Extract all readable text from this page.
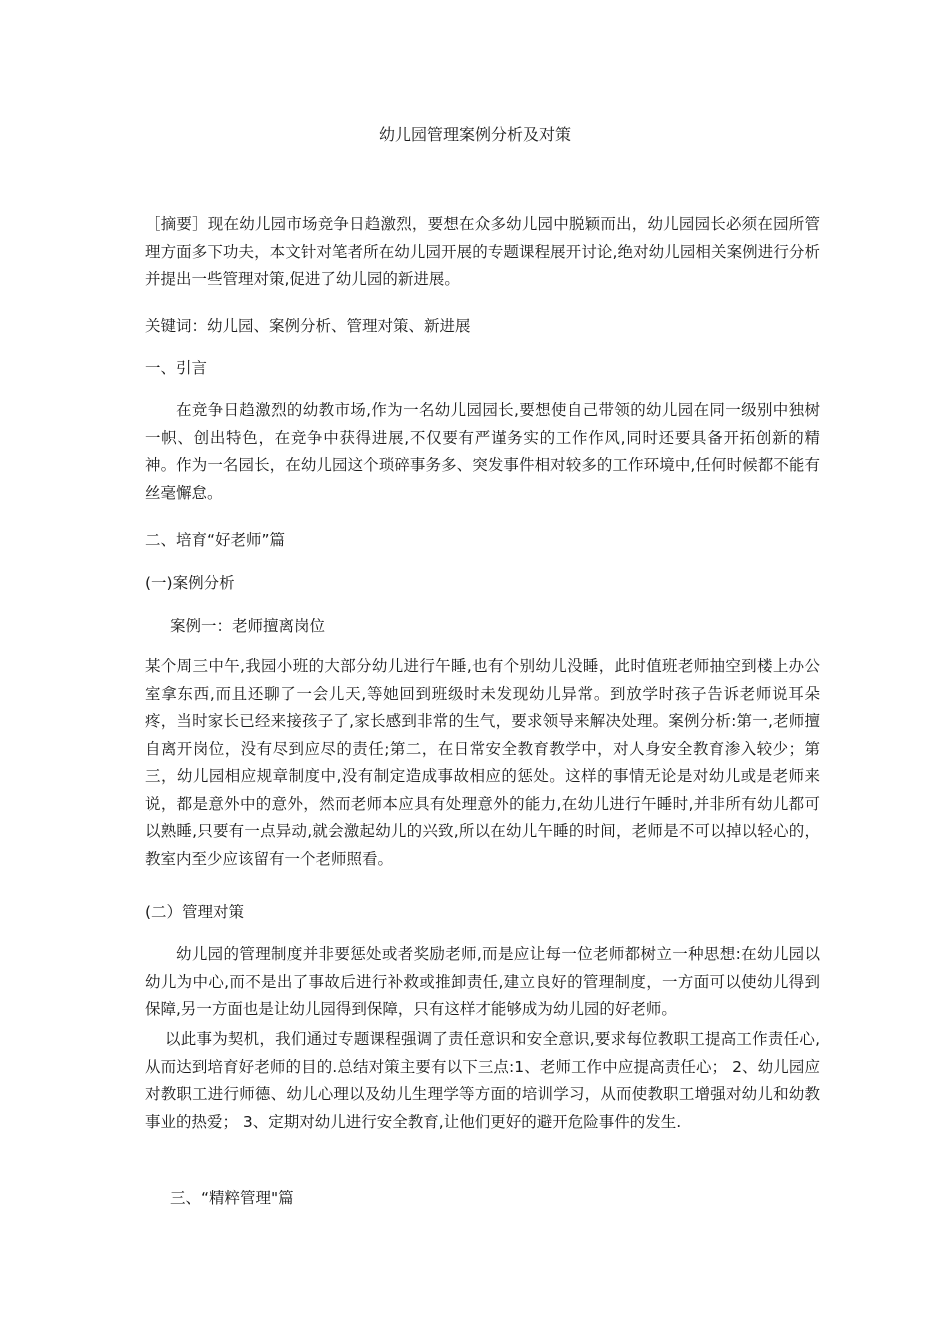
幼儿园管理案例分析及对策
［摘要］现在幼儿园市场竞争日趋激烈，要想在众多幼儿园中脱颖而出，幼儿园园长必须在园所管理方面多下功夫，本文针对笔者所在幼儿园开展的专题课程展开讨论,绝对幼儿园相关案例进行分析并提出一些管理对策,促进了幼儿园的新进展。
关键词：幼儿园、案例分析、管理对策、新进展
一、引言
在竞争日趋激烈的幼教市场,作为一名幼儿园园长,要想使自己带领的幼儿园在同一级别中独树一帜、创出特色，在竞争中获得进展,不仅要有严谨务实的工作作风,同时还要具备开拓创新的精神。作为一名园长，在幼儿园这个琐碎事务多、突发事件相对较多的工作环境中,任何时候都不能有丝毫懈怠。
二、培育“好老师”篇
(一)案例分析
案例一：老师擅离岗位
某个周三中午,我园小班的大部分幼儿进行午睡,也有个别幼儿没睡，此时值班老师抽空到楼上办公室拿东西,而且还聊了一会儿天,等她回到班级时未发现幼儿异常。到放学时孩子告诉老师说耳朵疼，当时家长已经来接孩子了,家长感到非常的生气，要求领导来解决处理。案例分析:第一,老师擅自离开岗位，没有尽到应尽的责任;第二，在日常安全教育教学中，对人身安全教育渗入较少；第三，幼儿园相应规章制度中,没有制定造成事故相应的惩处。这样的事情无论是对幼儿或是老师来说，都是意外中的意外，然而老师本应具有处理意外的能力,在幼儿进行午睡时,并非所有幼儿都可以熟睡,只要有一点异动,就会激起幼儿的兴致,所以在幼儿午睡的时间，老师是不可以掉以轻心的，教室内至少应该留有一个老师照看。
(二）管理对策
幼儿园的管理制度并非要惩处或者奖励老师,而是应让每一位老师都树立一种思想:在幼儿园以幼儿为中心,而不是出了事故后进行补救或推卸责任,建立良好的管理制度，一方面可以使幼儿得到保障,另一方面也是让幼儿园得到保障，只有这样才能够成为幼儿园的好老师。
以此事为契机，我们通过专题课程强调了责任意识和安全意识,要求每位教职工提高工作责任心,从而达到培育好老师的目的.总结对策主要有以下三点:1、老师工作中应提高责任心； 2、幼儿园应对教职工进行师德、幼儿心理以及幼儿生理学等方面的培训学习，从而使教职工增强对幼儿和幼教事业的热爱； 3、定期对幼儿进行安全教育,让他们更好的避开危险事件的发生.
三、“精粹管理"篇
